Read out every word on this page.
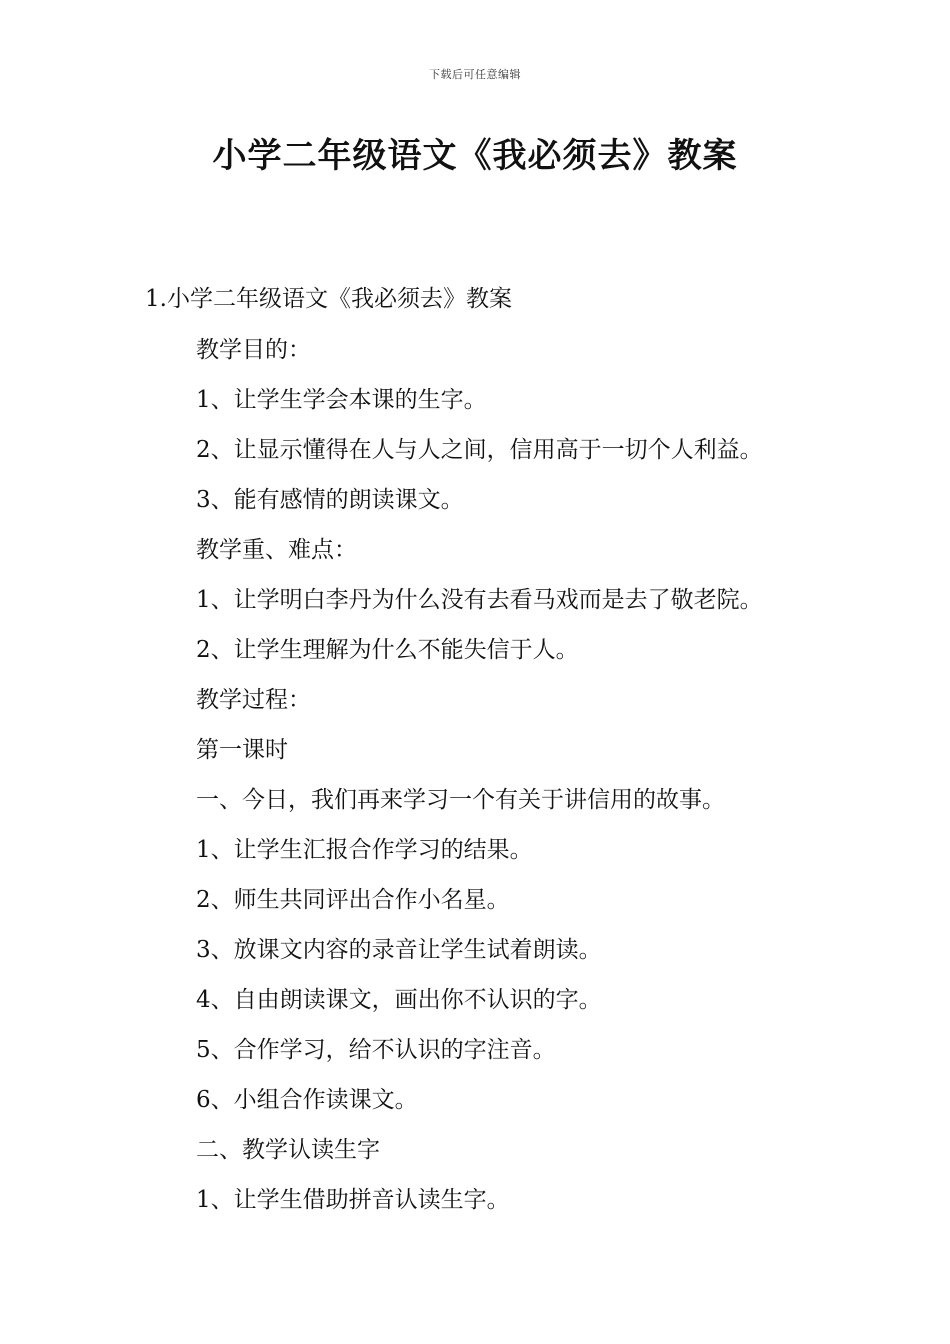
下载后可任意编辑
小学二年级语文《我必须去》教案
1.小学二年级语文《我必须去》教案
教学目的：
1、让学生学会本课的生字。
2、让显示懂得在人与人之间，信用高于一切个人利益。
3、能有感情的朗读课文。
教学重、难点：
1、让学明白李丹为什么没有去看马戏而是去了敬老院。
2、让学生理解为什么不能失信于人。
教学过程：
第一课时
一、今日，我们再来学习一个有关于讲信用的故事。
1、让学生汇报合作学习的结果。
2、师生共同评出合作小名星。
3、放课文内容的录音让学生试着朗读。
4、自由朗读课文，画出你不认识的字。
5、合作学习，给不认识的字注音。
6、小组合作读课文。
二、教学认读生字
1、让学生借助拼音认读生字。
